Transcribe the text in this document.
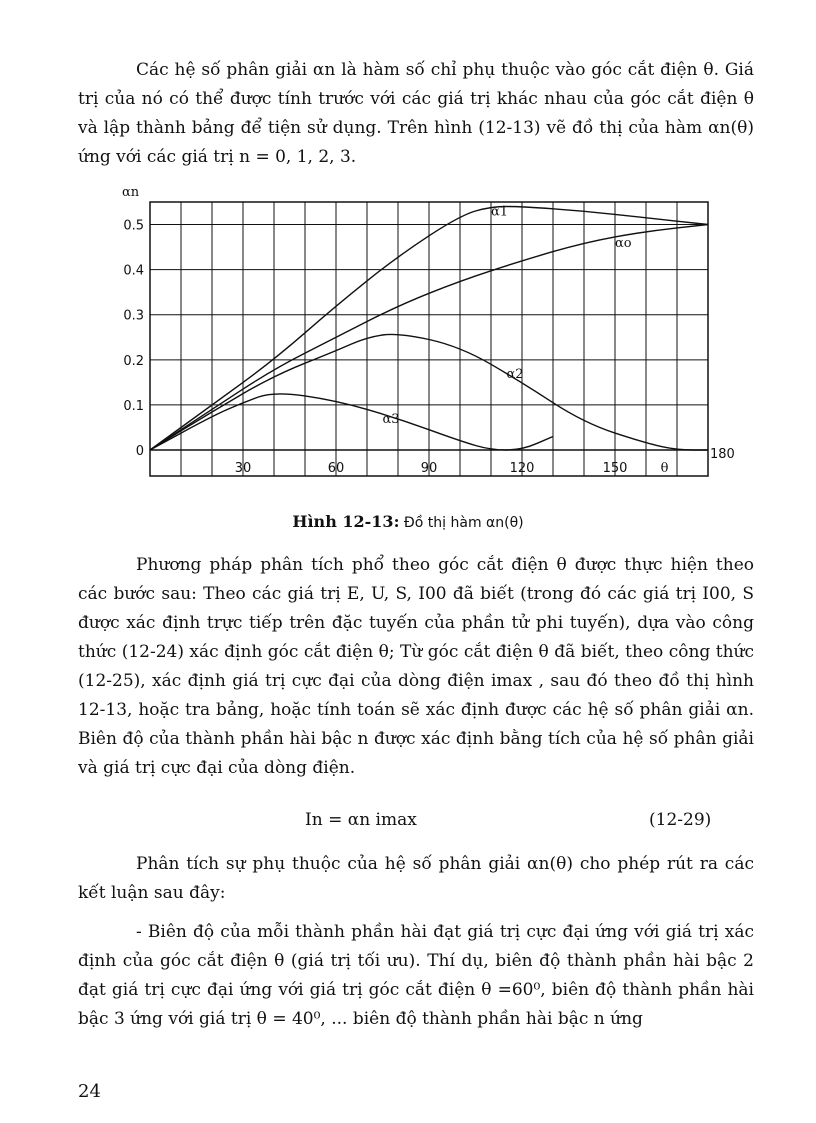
Các hệ số phân giải αn là hàm số chỉ phụ thuộc vào góc cắt điện θ. Giá trị của nó có thể được tính trước với các giá trị khác nhau của góc cắt điện θ và lập thành bảng để tiện sử dụng. Trên hình (12-13) vẽ đồ thị của hàm αn(θ) ứng với các giá trị n = 0, 1, 2, 3.

0
0.1
0.2
0.3
0.4
0.5
30	60	90	120	150
180
θ
αn
α1
αo
α2
α3
Hình 12-13: Đồ thị hàm αn(θ)

Phương pháp phân tích phổ theo góc cắt điện θ được thực hiện theo các bước sau: Theo các giá trị E, U, S, I00 đã biết (trong đó các giá trị I00, S được xác định trực tiếp trên đặc tuyến của phần tử phi tuyến), dựa vào công thức (12-24) xác định góc cắt điện θ; Từ góc cắt điện θ đã biết, theo công thức (12-25), xác định giá trị cực đại của dòng điện imax , sau đó theo đồ thị hình 12-13, hoặc tra bảng, hoặc tính toán sẽ xác định được các hệ số phân giải αn. Biên độ của thành phần hài bậc n được xác định bằng tích của hệ số phân giải và giá trị cực đại của dòng điện.

In = αn imax	(12-29)

Phân tích sự phụ thuộc của hệ số phân giải αn(θ) cho phép rút ra các kết luận sau đây:

- Biên độ của mỗi thành phần hài đạt giá trị cực đại ứng với giá trị xác định của góc cắt điện θ (giá trị tối ưu). Thí dụ, biên độ thành phần hài bậc 2 đạt giá trị cực đại ứng với giá trị góc cắt điện θ =60⁰, biên độ thành phần hài bậc 3 ứng với giá trị θ = 40⁰, ... biên độ thành phần hài bậc n ứng

24
